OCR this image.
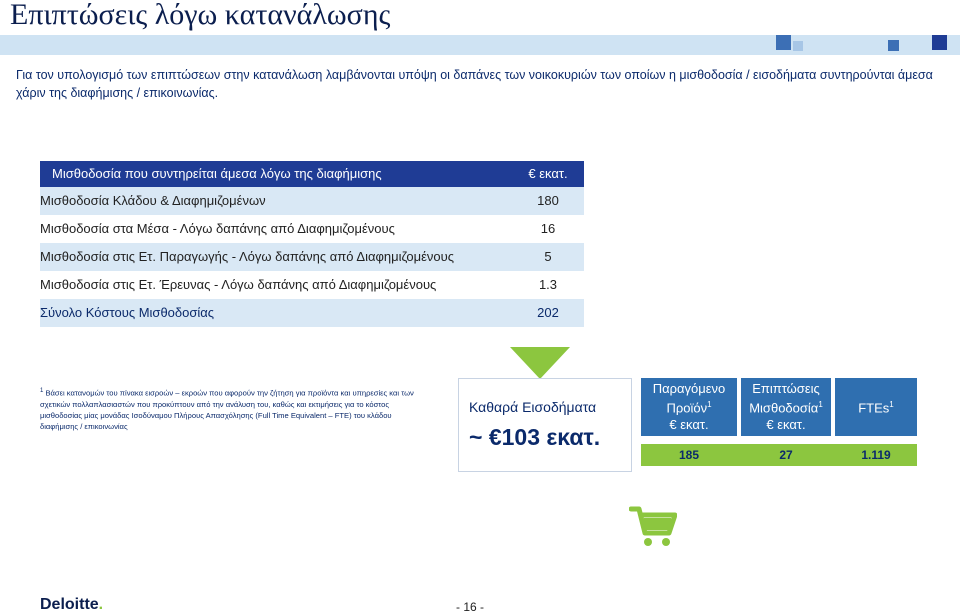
Επιπτώσεις λόγω κατανάλωσης
Για τον υπολογισμό των επιπτώσεων στην κατανάλωση λαμβάνονται υπόψη οι δαπάνες των νοικοκυριών των οποίων η μισθοδοσία / εισοδήματα συντηρούνται άμεσα χάριν της διαφήμισης / επικοινωνίας.
Μισθοδοσία που συντηρείται άμεσα λόγω της διαφήμισης	€ εκατ.
Μισθοδοσία Κλάδου & Διαφημιζομένων	180
Μισθοδοσία στα Μέσα - Λόγω δαπάνης από Διαφημιζομένους	16
Μισθοδοσία στις Ετ. Παραγωγής - Λόγω δαπάνης από Διαφημιζομένους	5
Μισθοδοσία στις Ετ. Έρευνας - Λόγω δαπάνης από Διαφημιζομένους	1.3
Σύνολο Κόστους Μισθοδοσίας	202
$^1$ Βάσει κατανομών του πίνακα εισροών – εκροών που αφορούν την ζήτηση για προϊόντα και υπηρεσίες και των σχετικών πολλαπλασιαστών που προκύπτουν από την ανάλυση του, καθώς και εκτιμήσεις για το κόστος μισθοδοσίας μίας μονάδας Ισοδύναμου Πλήρους Απασχόλησης (Full Time Equivalent – FTE) του κλάδου διαφήμισης / επικοινωνίας
Καθαρά Εισοδήματα
~ €103 εκατ.
Παραγόμενο
Προϊόν$^1$
€ εκατ.
Επιπτώσεις
Μισθοδοσία$^1$
€ εκατ.
FTEs$^1$
185	27	1.119
Deloitte.	- 16 -
